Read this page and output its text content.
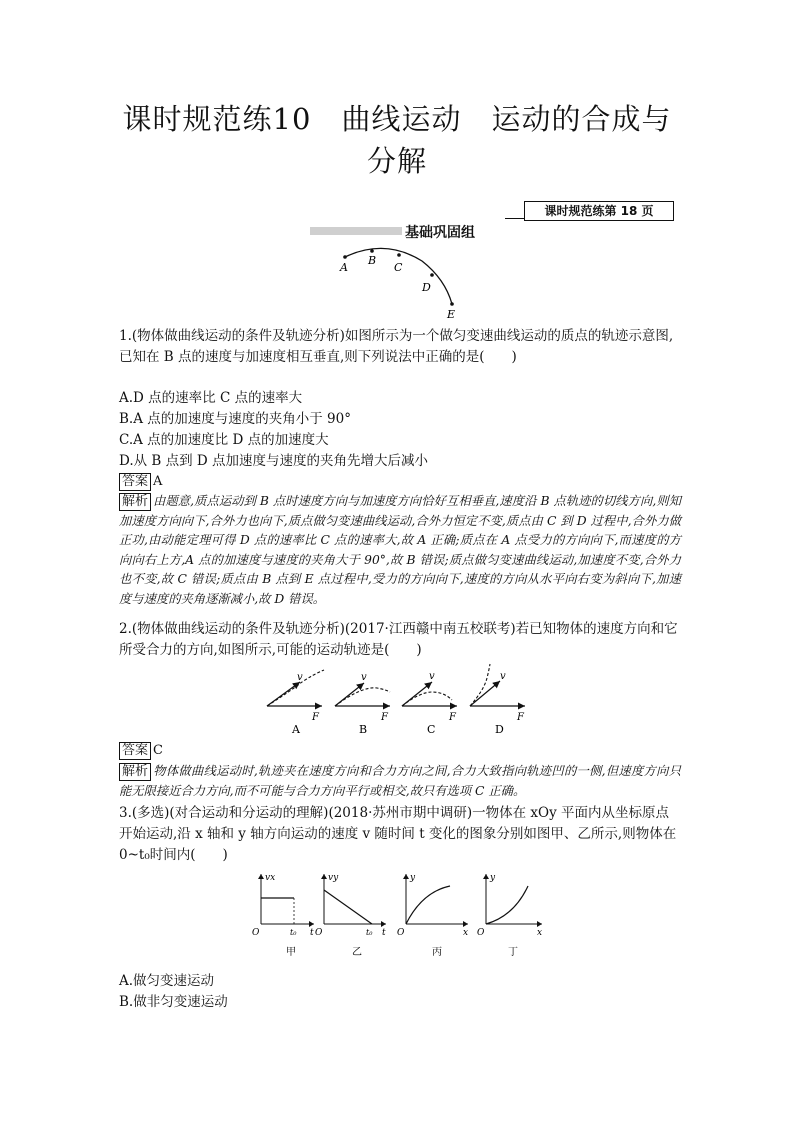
课时规范练10　曲线运动　运动的合成与
分解
课时规范练第 18 页
基础巩固组
A
B
C
D
E
1.(物体做曲线运动的条件及轨迹分析)如图所示为一个做匀变速曲线运动的质点的轨迹示意图,已知在 B 点的速度与加速度相互垂直,则下列说法中正确的是(　　)
A.D 点的速率比 C 点的速率大
B.A 点的加速度与速度的夹角小于 90°
C.A 点的加速度比 D 点的加速度大
D.从 B 点到 D 点加速度与速度的夹角先增大后减小
答案 A
解析 由题意,质点运动到 B 点时速度方向与加速度方向恰好互相垂直,速度沿 B 点轨迹的切线方向,则知加速度方向向下,合外力也向下,质点做匀变速曲线运动,合外力恒定不变,质点由 C 到 D 过程中,合外力做正功,由动能定理可得 D 点的速率比 C 点的速率大,故 A 正确;质点在 A 点受力的方向向下,而速度的方向向右上方,A 点的加速度与速度的夹角大于 90°,故 B 错误;质点做匀变速曲线运动,加速度不变,合外力也不变,故 C 错误;质点由 B 点到 E 点过程中,受力的方向向下,速度的方向从水平向右变为斜向下,加速度与速度的夹角逐渐减小,故 D 错误。
2.(物体做曲线运动的条件及轨迹分析)(2017·江西赣中南五校联考)若已知物体的速度方向和它所受合力的方向,如图所示,可能的运动轨迹是(　　)
v
F
A
v
F
B
v
F
C
v
F
D
答案 C
解析 物体做曲线运动时,轨迹夹在速度方向和合力方向之间,合力大致指向轨迹凹的一侧,但速度方向只能无限接近合力方向,而不可能与合力方向平行或相交,故只有选项 C 正确。
3.(多选)(对合运动和分运动的理解)(2018·苏州市期中调研)一物体在 xOy 平面内从坐标原点开始运动,沿 x 轴和 y 轴方向运动的速度 v 随时间 t 变化的图象分别如图甲、乙所示,则物体在 0~t₀时间内(　　)
vx
t
O	t₀
甲
vy
t
O	t₀
乙
y
x
O
丙
y
x
O
丁
A.做匀变速运动
B.做非匀变速运动
